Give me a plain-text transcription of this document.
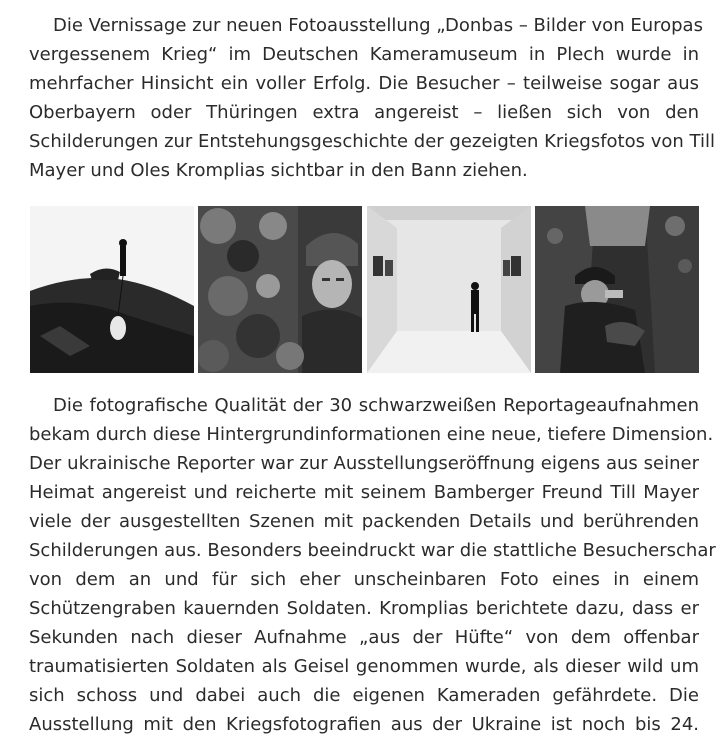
Die Vernissage zur neuen Fotoausstellung „Donbas – Bilder von Europas
vergessenem Krieg“ im Deutschen Kameramuseum in Plech wurde in
mehrfacher Hinsicht ein voller Erfolg. Die Besucher – teilweise sogar aus
Oberbayern oder Thüringen extra angereist – ließen sich von den
Schilderungen zur Entstehungsgeschichte der gezeigten Kriegsfotos von Till
Mayer und Oles Kromplias sichtbar in den Bann ziehen.
Die fotografische Qualität der 30 schwarzweißen Reportageaufnahmen
bekam durch diese Hintergrundinformationen eine neue, tiefere Dimension.
Der ukrainische Reporter war zur Ausstellungseröffnung eigens aus seiner
Heimat angereist und reicherte mit seinem Bamberger Freund Till Mayer
viele der ausgestellten Szenen mit packenden Details und berührenden
Schilderungen aus. Besonders beeindruckt war die stattliche Besucherschar
von dem an und für sich eher unscheinbaren Foto eines in einem
Schützengraben kauernden Soldaten. Kromplias berichtete dazu, dass er
Sekunden nach dieser Aufnahme „aus der Hüfte“ von dem offenbar
traumatisierten Soldaten als Geisel genommen wurde, als dieser wild um
sich schoss und dabei auch die eigenen Kameraden gefährdete. Die
Ausstellung mit den Kriegsfotografien aus der Ukraine ist noch bis 24.
